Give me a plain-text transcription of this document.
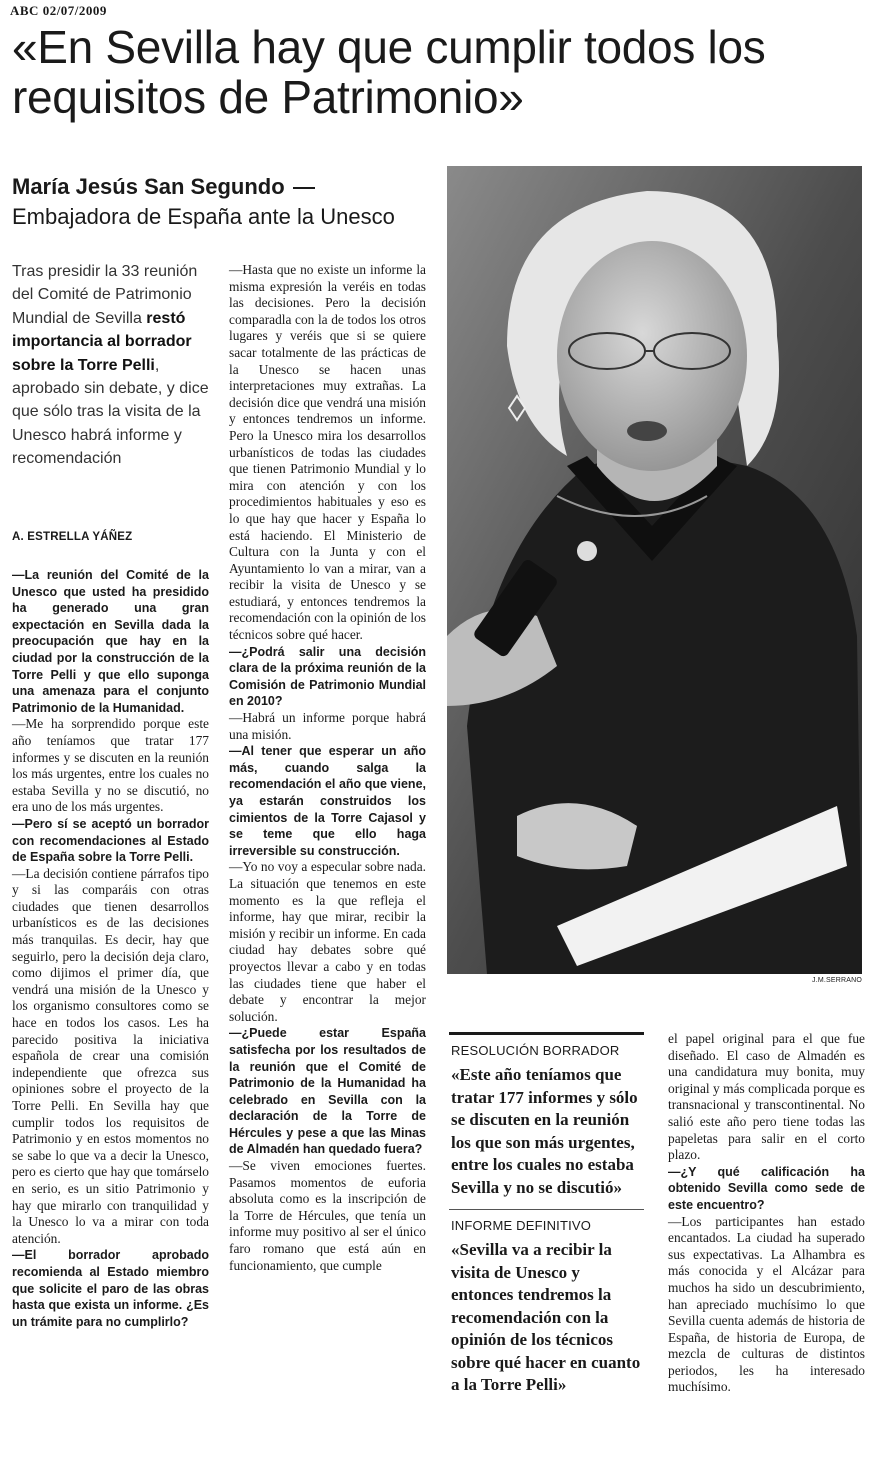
ABC 02/07/2009
«En Sevilla hay que cumplir todos los requisitos de Patrimonio»
María Jesús San SegundoEmbajadora de España ante la Unesco
Tras presidir la 33 reunión del Comité de Patrimonio Mundial de Sevilla restó importancia al borrador sobre la Torre Pelli, aprobado sin debate, y dice que sólo tras la visita de la Unesco habrá informe y recomendación
A. ESTRELLA YÁÑEZ

—La reunión del Comité de la Unesco que usted ha presidido ha generado una gran expectación en Sevilla dada la preocupación que hay en la ciudad por la construcción de la Torre Pelli y que ello suponga una amenaza para el conjunto Patrimonio de la Humanidad.

—Me ha sorprendido porque este año teníamos que tratar 177 informes y se discuten en la reunión los más urgentes, entre los cuales no estaba Sevilla y no se discutió, no era uno de los más urgentes.

—Pero sí se aceptó un borrador con recomendaciones al Estado de España sobre la Torre Pelli.

—La decisión contiene párrafos tipo y si las comparáis con otras ciudades que tienen desarrollos urbanísticos es de las decisiones más tranquilas. Es decir, hay que seguirlo, pero la decisión deja claro, como dijimos el primer día, que vendrá una misión de la Unesco y los organismo consultores como se hace en todos los casos. Les ha parecido positiva la iniciativa española de crear una comisión independiente que ofrezca sus opiniones sobre el proyecto de la Torre Pelli. En Sevilla hay que cumplir todos los requisitos de Patrimonio y en estos momentos no se sabe lo que va a decir la Unesco, pero es cierto que hay que tomárselo en serio, es un sitio Patrimonio y hay que mirarlo con tranquilidad y la Unesco lo va a mirar con toda atención.

—El borrador aprobado recomienda al Estado miembro que solicite el paro de las obras hasta que exista un informe. ¿Es un trámite para no cumplirlo?

—Hasta que no existe un informe la misma expresión la veréis en todas las decisiones. Pero la decisión comparadla con la de todos los otros lugares y veréis que si se quiere sacar totalmente de las prácticas de la Unesco se hacen unas interpretaciones muy extrañas. La decisión dice que vendrá una misión y entonces tendremos un informe. Pero la Unesco mira los desarrollos urbanísticos de todas las ciudades que tienen Patrimonio Mundial y lo mira con atención y con los procedimientos habituales y eso es lo que hay que hacer y España lo está haciendo. El Ministerio de Cultura con la Junta y con el Ayuntamiento lo van a mirar, van a recibir la visita de Unesco y se estudiará, y entonces tendremos la recomendación con la opinión de los técnicos sobre qué hacer.

—¿Podrá salir una decisión clara de la próxima reunión de la Comisión de Patrimonio Mundial en 2010?

—Habrá un informe porque habrá una misión.

—Al tener que esperar un año más, cuando salga la recomendación el año que viene, ya estarán construidos los cimientos de la Torre Cajasol y se teme que ello haga irreversible su construcción.

—Yo no voy a especular sobre nada. La situación que tenemos en este momento es la que refleja el informe, hay que mirar, recibir la misión y recibir un informe. En cada ciudad hay debates sobre qué proyectos llevar a cabo y en todas las ciudades tiene que haber el debate y encontrar la mejor solución.

—¿Puede estar España satisfecha por los resultados de la reunión que el Comité de Patrimonio de la Humanidad ha celebrado en Sevilla con la declaración de la Torre de Hércules y pese a que las Minas de Almadén han quedado fuera?

—Se viven emociones fuertes. Pasamos momentos de euforia absoluta como es la inscripción de la Torre de Hércules, que tenía un informe muy positivo al ser el único faro romano que está aún en funcionamiento, que cumple

J.M.SERRANO
RESOLUCIÓN BORRADOR
«Este año teníamos que tratar 177 informes y sólo se discuten en la reunión los que son más urgentes, entre los cuales no estaba Sevilla y no se discutió»
INFORME DEFINITIVO
«Sevilla va a recibir la visita de Unesco y entonces tendremos la recomendación con la opinión de los técnicos sobre qué hacer en cuanto a la Torre Pelli»

el papel original para el que fue diseñado. El caso de Almadén es una candidatura muy bonita, muy original y más complicada porque es transnacional y transcontinental. No salió este año pero tiene todas las papeletas para salir en el corto plazo.

—¿Y qué calificación ha obtenido Sevilla como sede de este encuentro?

—Los participantes han estado encantados. La ciudad ha superado sus expectativas. La Alhambra es más conocida y el Alcázar para muchos ha sido un descubrimiento, han apreciado muchísimo lo que Sevilla cuenta además de historia de España, de historia de Europa, de mezcla de culturas de distintos periodos, les ha interesado muchísimo.
